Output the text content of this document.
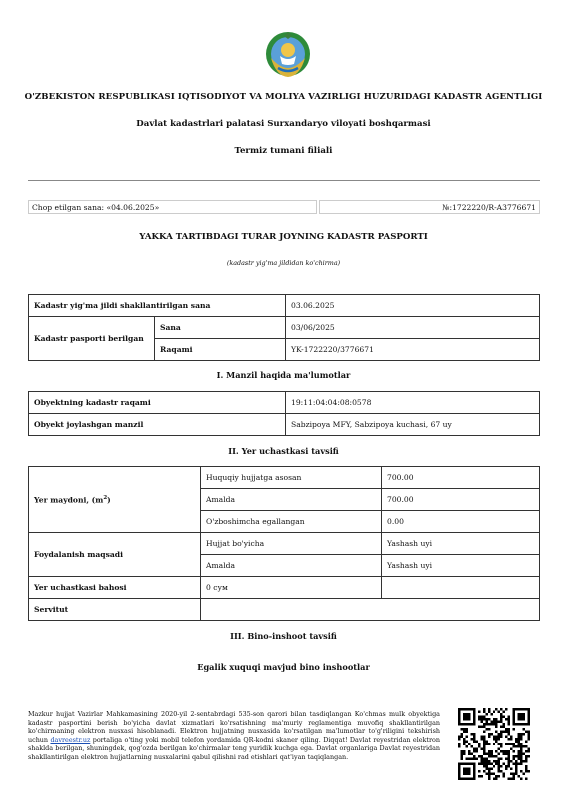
O'ZBEKISTON RESPUBLIKASI IQTISODIYOT VA MOLIYA VAZIRLIGI HUZURIDAGI KADASTR AGENTLIGI
Davlat kadastrlari palatasi Surxandaryo viloyati boshqarmasi
Termiz tumani filiali
Chop etilgan sana: «04.06.2025»	№:1722220/R-A3776671
YAKKA TARTIBDAGI TURAR JOYNING KADASTR PASPORTI
(kadastr yig'ma jildidan ko'chirma)
Kadastr yig'ma jildi shakllantirilgan sana		03.06.2025
Kadastr pasporti berilgan	Sana	03/06/2025
	Raqami	YK-1722220/3776671
I. Manzil haqida ma'lumotlar
Obyektning kadastr raqami	19:11:04:04:08:0578
Obyekt joylashgan manzil	Sabzipoya MFY, Sabzipoya kuchasi, 67 uy
II. Yer uchastkasi tavsifi
Yer maydoni, $(m^2)$	Huquqiy hujjatga asosan	700.00
	Amalda	700.00
	O'zboshimcha egallangan	0.00
Foydalanish maqsadi	Hujjat bo'yicha	Yashash uyi
	Amalda	Yashash uyi
Yer uchastkasi bahosi	0 сум	
Servitut		
III. Bino-inshoot tavsifi
Egalik xuquqi mavjud bino inshootlar
Mazkur hujjat Vazirlar Mahkamasining 2020-yil 2-sentabrdagi 535-son qarori bilan tasdiqlangan Ko'chmas mulk obyektiga kadastr pasportini berish bo'yicha davlat xizmatlari ko'rsatishning ma'muriy reglamentiga muvofiq shakllantirilgan ko'chirmaning elektron nusxasi hisoblanadi. Elektron hujjatning nusxasida ko'rsatilgan ma'lumotlar to'g'riligini tekshirish uchun davreestr.uz portaliga o'ting yoki mobil telefon yordamida QR-kodni skaner qiling. Diqqat! Davlat reyestridan elektron shaklda berilgan, shuningdek, qog'ozda berilgan ko'chirmalar teng yuridik kuchga ega. Davlat organlariga Davlat reyestridan shakllantirilgan elektron hujjatlarning nusxalarini qabul qilishni rad etishlari qat'iyan taqiqlangan.
